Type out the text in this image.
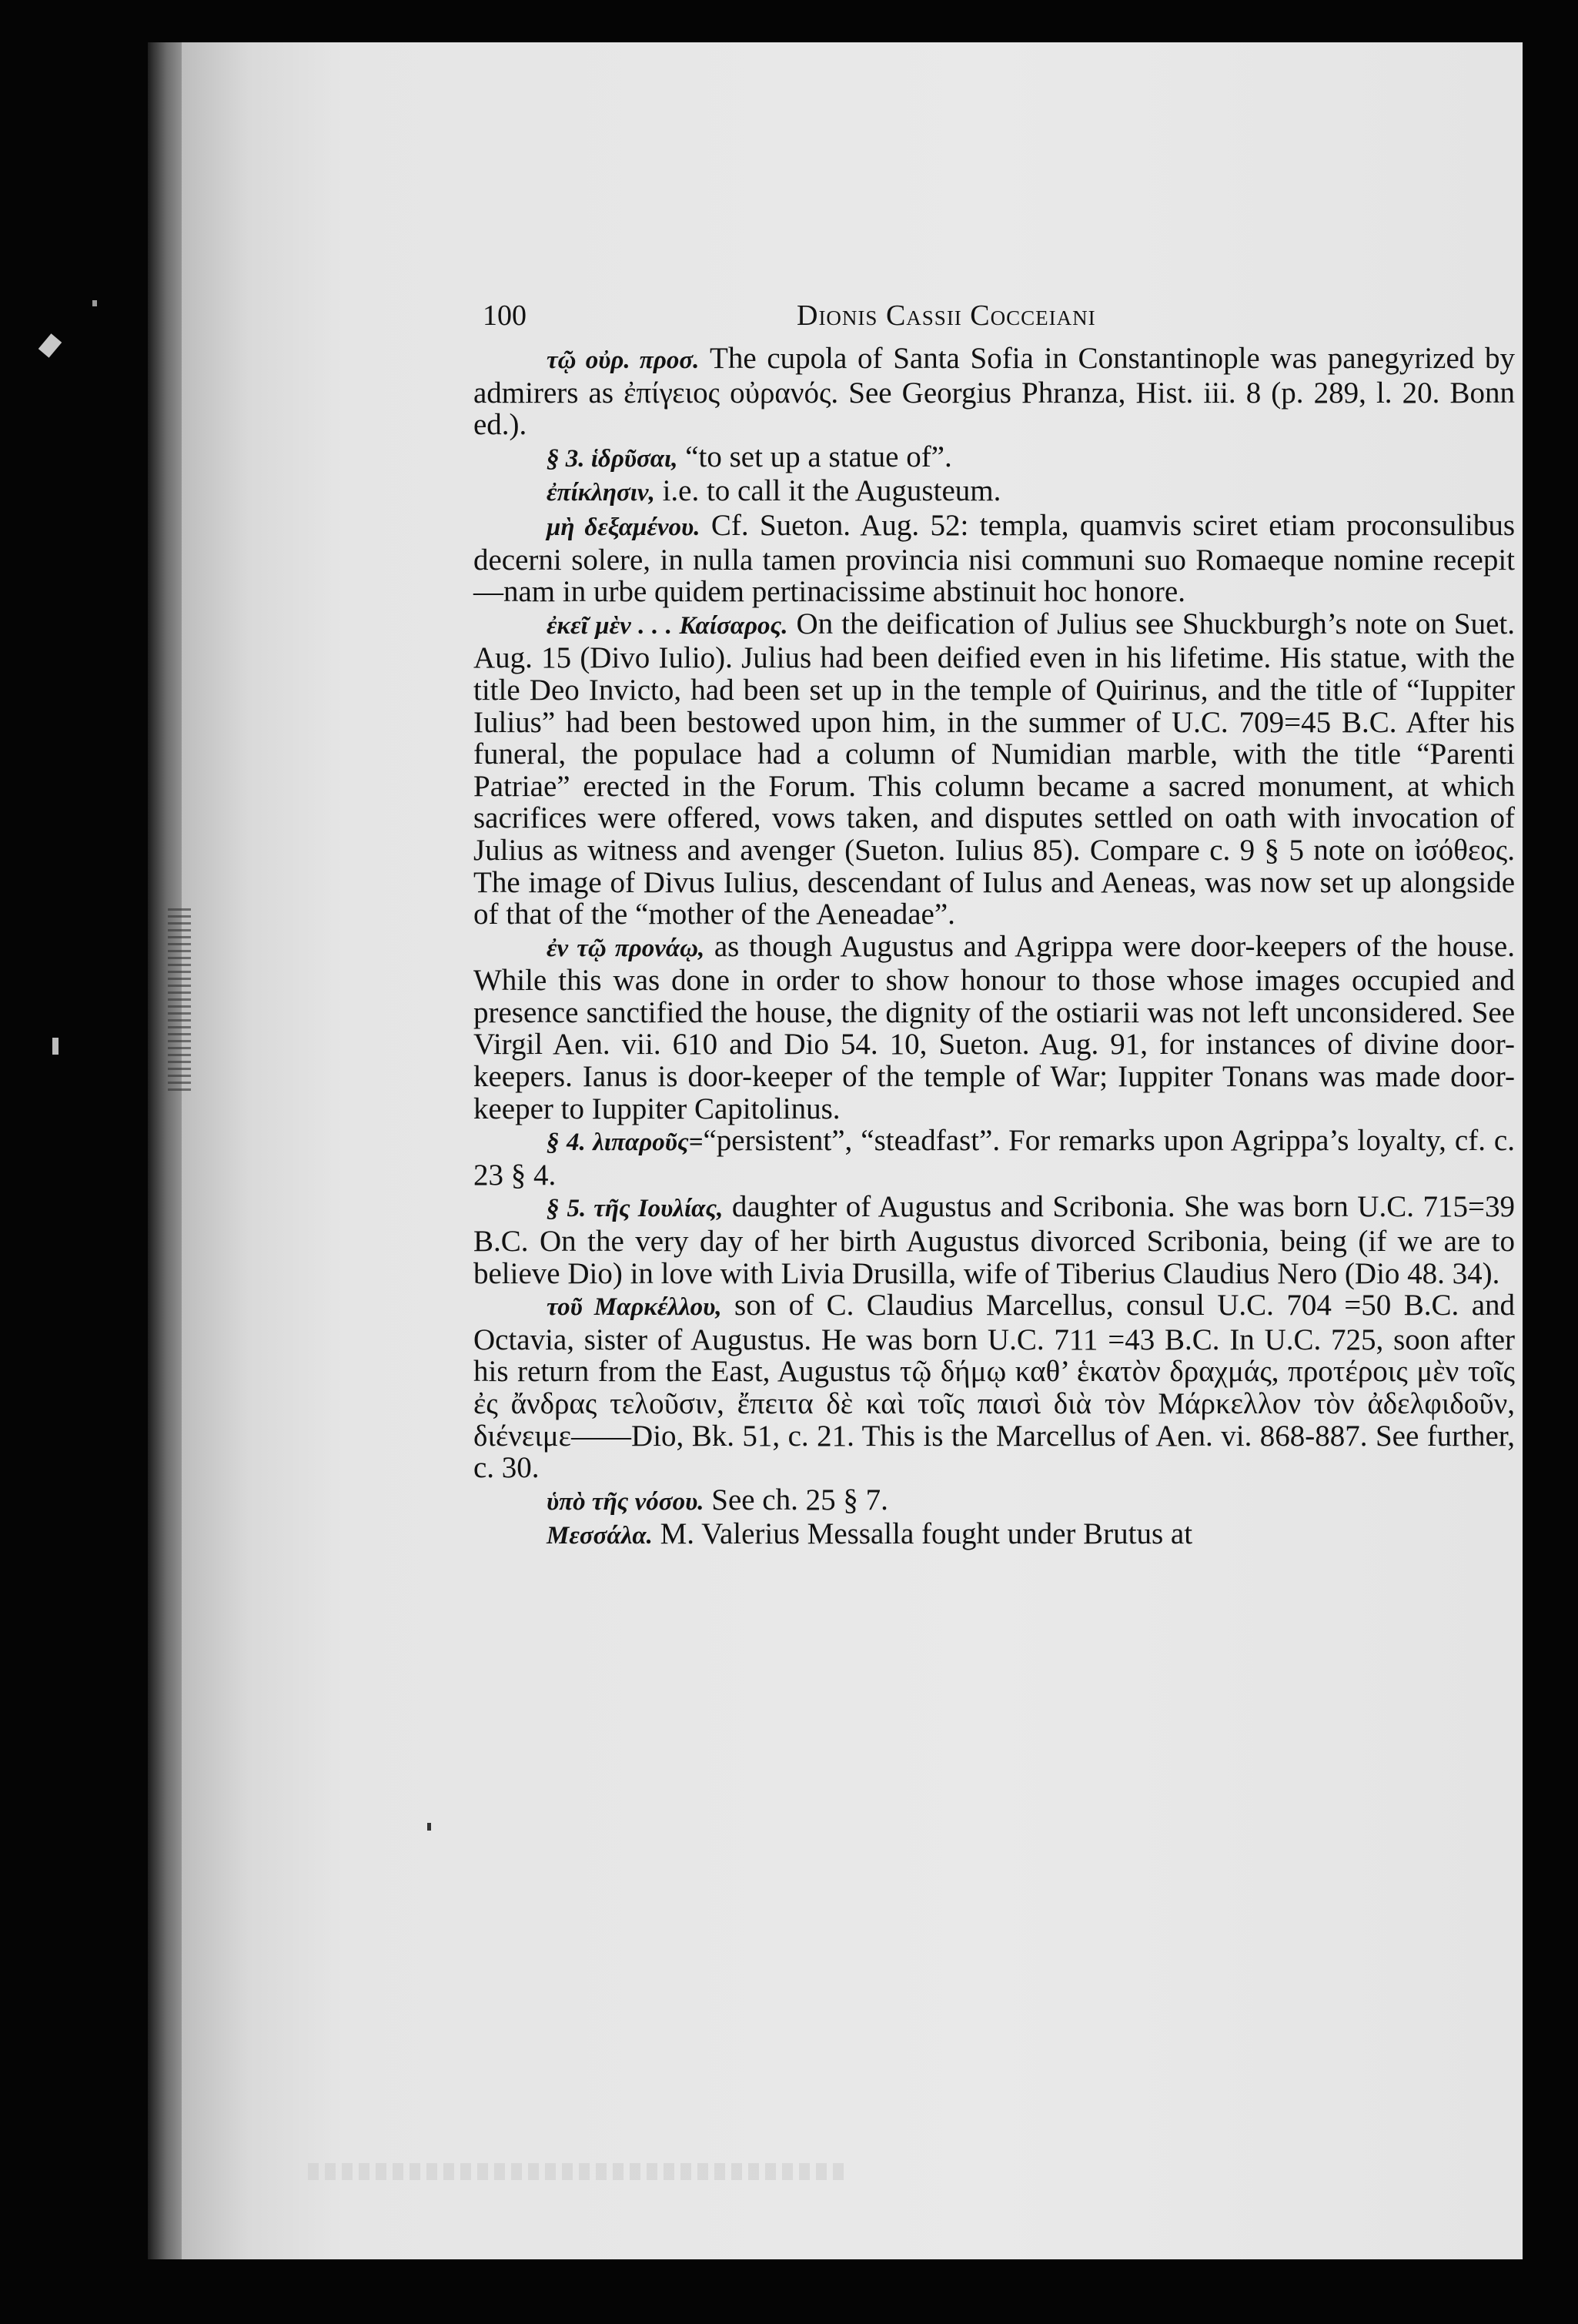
100	Dionis Cassii Cocceiani

τῷ οὐρ. προσ. The cupola of Santa Sofia in Constantinople was panegyrized by admirers as ἐπίγειος οὐρανός. See Georgius Phranza, Hist. iii. 8 (p. 289, l. 20. Bonn ed.).

§ 3. ἱδρῦσαι, “to set up a statue of”.

ἐπίκλησιν, i.e. to call it the Augusteum.

μὴ δεξαμένου. Cf. Sueton. Aug. 52: templa, quamvis sciret etiam proconsulibus decerni solere, in nulla tamen provincia nisi communi suo Romaeque nomine recepit—nam in urbe quidem pertinacissime abstinuit hoc honore.

ἐκεῖ μὲν . . . Καίσαρος. On the deification of Julius see Shuckburgh’s note on Suet. Aug. 15 (Divo Iulio). Julius had been deified even in his lifetime. His statue, with the title Deo Invicto, had been set up in the temple of Quirinus, and the title of “Iuppiter Iulius” had been bestowed upon him, in the summer of U.C. 709=45 B.C. After his funeral, the populace had a column of Numidian marble, with the title “Parenti Patriae” erected in the Forum. This column became a sacred monument, at which sacrifices were offered, vows taken, and disputes settled on oath with invocation of Julius as witness and avenger (Sueton. Iulius 85). Compare c. 9 § 5 note on ἰσόθεος. The image of Divus Iulius, descendant of Iulus and Aeneas, was now set up alongside of that of the “mother of the Aeneadae”.

ἐν τῷ προνάῳ, as though Augustus and Agrippa were door-keepers of the house. While this was done in order to show honour to those whose images occupied and presence sanctified the house, the dignity of the ostiarii was not left unconsidered. See Virgil Aen. vii. 610 and Dio 54. 10, Sueton. Aug. 91, for instances of divine door-keepers. Ianus is door-keeper of the temple of War; Iuppiter Tonans was made door-keeper to Iuppiter Capitolinus.

§ 4. λιπαροῦς=“persistent”, “steadfast”. For remarks upon Agrippa’s loyalty, cf. c. 23 § 4.

§ 5. τῆς Ιουλίας, daughter of Augustus and Scribonia. She was born U.C. 715=39 B.C. On the very day of her birth Augustus divorced Scribonia, being (if we are to believe Dio) in love with Livia Drusilla, wife of Tiberius Claudius Nero (Dio 48. 34).

τοῦ Μαρκέλλου, son of C. Claudius Marcellus, consul U.C. 704 =50 B.C. and Octavia, sister of Augustus. He was born U.C. 711 =43 B.C. In U.C. 725, soon after his return from the East, Augustus τῷ δήμῳ καθ’ ἑκατὸν δραχμάς, προτέροις μὲν τοῖς ἐς ἄνδρας τελοῦσιν, ἔπειτα δὲ καὶ τοῖς παισὶ διὰ τὸν Μάρκελλον τὸν ἀδελφιδοῦν, διένειμε——Dio, Bk. 51, c. 21. This is the Marcellus of Aen. vi. 868-887. See further, c. 30.

ὑπὸ τῆς νόσου. See ch. 25 § 7.

Μεσσάλα. M. Valerius Messalla fought under Brutus at
